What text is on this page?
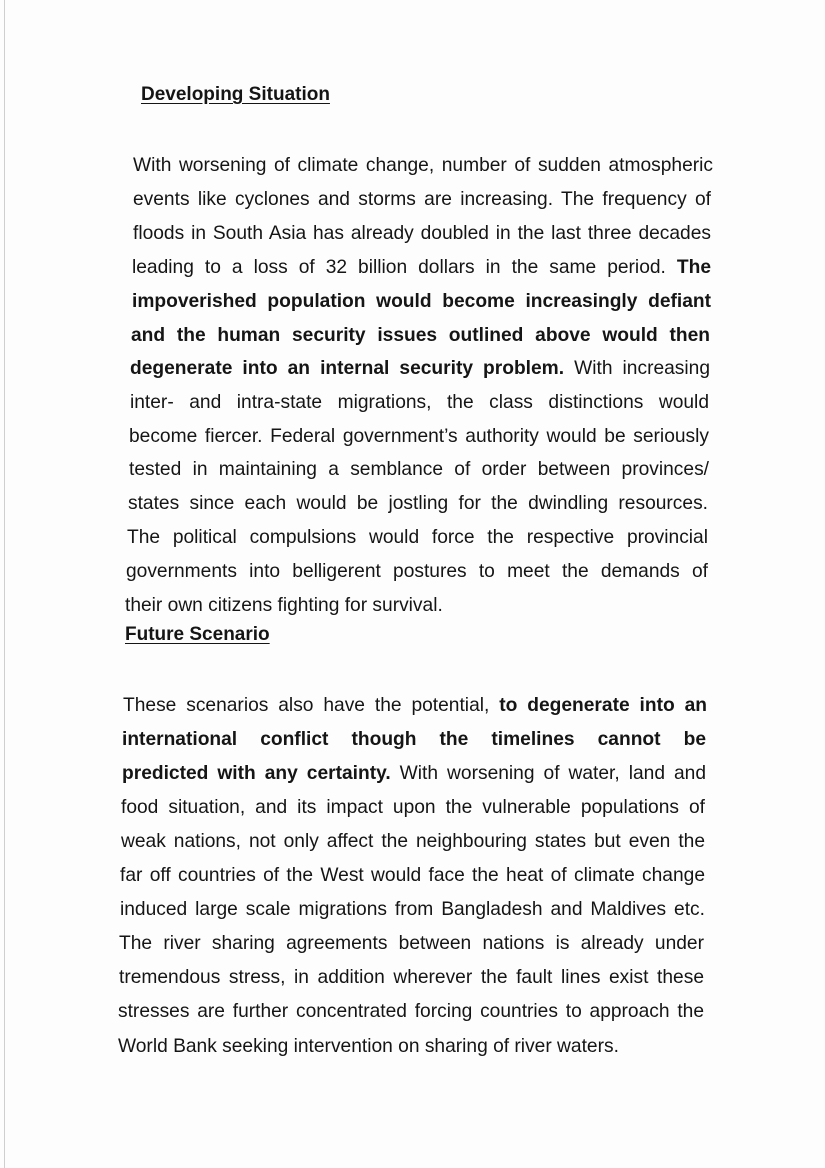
Developing Situation

With worsening of climate change, number of sudden atmospheric

events like cyclones and storms are increasing. The frequency of

floods in South Asia has already doubled in the last three decades

leading to a loss of 32 billion dollars in the same period. The

impoverished population would become increasingly defiant

and the human security issues outlined above would then

degenerate into an internal security problem. With increasing

inter- and intra-state migrations, the class distinctions would

become fiercer. Federal government’s authority would be seriously

tested in maintaining a semblance of order between provinces/

states since each would be jostling for the dwindling resources.

The political compulsions would force the respective provincial

governments into belligerent postures to meet the demands of

their own citizens fighting for survival.

Future Scenario

These scenarios also have the potential, to degenerate into an

international conflict though the timelines cannot be

predicted with any certainty. With worsening of water, land and

food situation, and its impact upon the vulnerable populations of

weak nations, not only affect the neighbouring states but even the

far off countries of the West would face the heat of climate change

induced large scale migrations from Bangladesh and Maldives etc.

The river sharing agreements between nations is already under

tremendous stress, in addition wherever the fault lines exist these

stresses are further concentrated forcing countries to approach the

World Bank seeking intervention on sharing of river waters.
